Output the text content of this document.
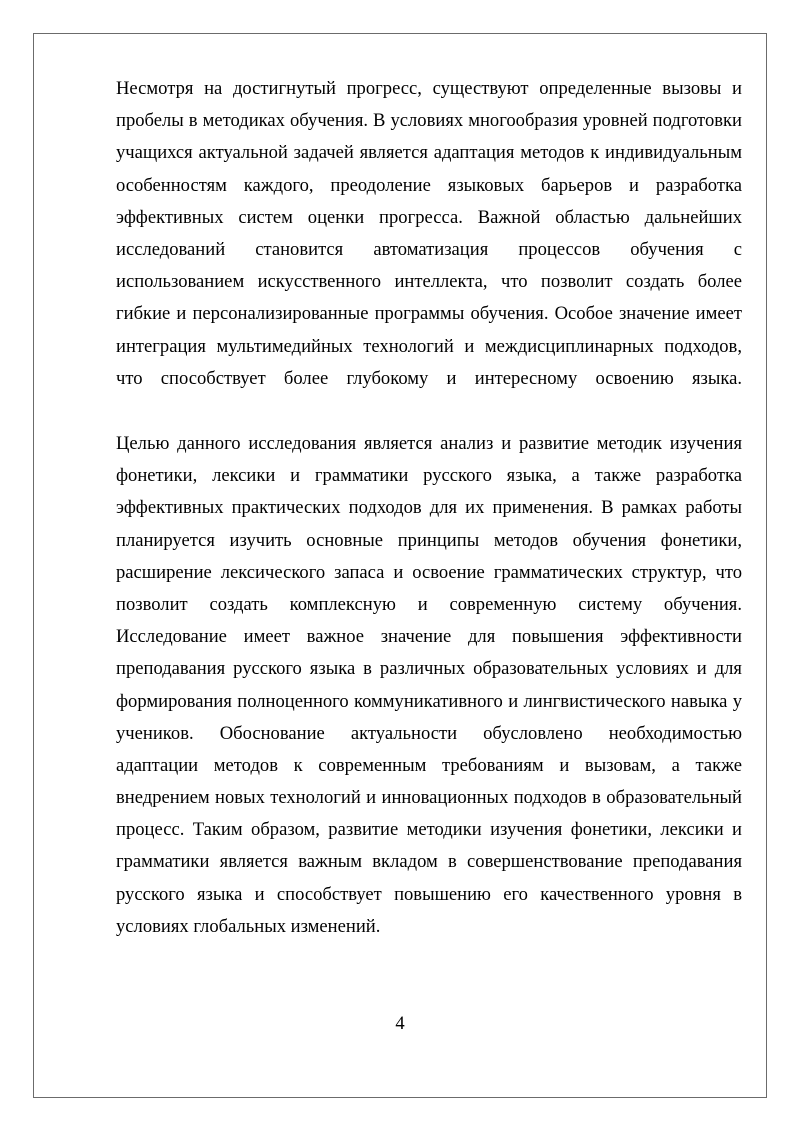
Несмотря на достигнутый прогресс, существуют определенные вызовы и
пробелы в методиках обучения. В условиях многообразия уровней подготовки
учащихся актуальной задачей является адаптация методов к индивидуальным
особенностям каждого, преодоление языковых барьеров и разработка
эффективных систем оценки прогресса. Важной областью дальнейших
исследований становится автоматизация процессов обучения с
использованием искусственного интеллекта, что позволит создать более
гибкие и персонализированные программы обучения. Особое значение имеет
интеграция мультимедийных технологий и междисциплинарных подходов,
что способствует более глубокому и интересному освоению языка.
Целью данного исследования является анализ и развитие методик изучения
фонетики, лексики и грамматики русского языка, а также разработка
эффективных практических подходов для их применения. В рамках работы
планируется изучить основные принципы методов обучения фонетики,
расширение лексического запаса и освоение грамматических структур, что
позволит создать комплексную и современную систему обучения.
Исследование имеет важное значение для повышения эффективности
преподавания русского языка в различных образовательных условиях и для
формирования полноценного коммуникативного и лингвистического навыка у
учеников. Обоснование актуальности обусловлено необходимостью
адаптации методов к современным требованиям и вызовам, а также
внедрением новых технологий и инновационных подходов в образовательный
процесс. Таким образом, развитие методики изучения фонетики, лексики и
грамматики является важным вкладом в совершенствование преподавания
русского языка и способствует повышению его качественного уровня в
условиях глобальных изменений.
4
